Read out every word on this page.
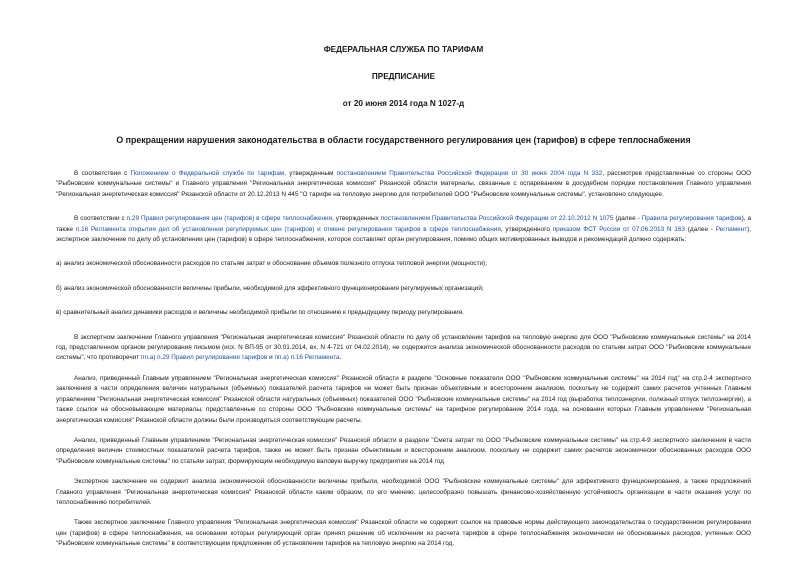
ФЕДЕРАЛЬНАЯ СЛУЖБА ПО ТАРИФАМ
ПРЕДПИСАНИЕ
от 20 июня 2014 года N 1027-д
О прекращении нарушения законодательства в области государственного регулирования цен (тарифов) в сфере теплоснабжения

В соответствии с Положением о Федеральной службе по тарифам, утвержденным постановлением Правительства Российской Федерации от 30 июня 2004 года N 332, рассмотрев представленные со стороны ООО "Рыбновские коммунальные системы" и Главного управления "Региональная энергетическая комиссия" Рязанской области материалы, связанные с оспариванием в досудебном порядке постановления Главного управления "Региональная энергетическая комиссия" Рязанской области от 20.12.2013 N 445 "О тарифе на тепловую энергию для потребителей ООО "Рыбновские коммунальные системы", установлено следующее.

В соответствии с п.29 Правил регулирования цен (тарифов) в сфере теплоснабжения, утвержденных постановлением Правительства Российской Федерации от 22.10.2012 N 1075 (далее - Правила регулирования тарифов), а также п.16 Регламента открытия дел об установлении регулируемых цен (тарифов) и отмене регулирования тарифов в сфере теплоснабжения, утвержденного приказом ФСТ России от 07.06.2013 N 163 (далее - Регламент), экспертное заключение по делу об установлении цен (тарифов) в сфере теплоснабжения, которое составляет орган регулирования, помимо общих мотивированных выводов и рекомендаций должно содержать:

а) анализ экономической обоснованности расходов по статьям затрат и обоснование объемов полезного отпуска тепловой энергии (мощности);

б) анализ экономической обоснованности величины прибыли, необходимой для эффективного функционирования регулируемых организаций;

в) сравнительный анализ динамики расходов и величины необходимой прибыли по отношению к предыдущему периоду регулирования.

В экспертном заключении Главного управления "Региональная энергетическая комиссия" Рязанской области по делу об установлении тарифов на тепловую энергию для ООО "Рыбновские коммунальные системы" на 2014 год, представленном органом регулирования письмом (исх. N ВП-95 от 30.01.2014, вх. N 4-721 от 04.02.2014), не содержится анализа экономической обоснованности расходов по статьям затрат ООО "Рыбновские коммунальные системы", что противоречит пп.а) п.29 Правил регулирования тарифов и пп.а) п.16 Регламента.

Анализ, приведенный Главным управлением "Региональная энергетическая комиссия" Рязанской области в разделе "Основные показатели ООО "Рыбновские коммунальные системы" на 2014 год" на стр.2-4 экспертного заключения в части определения величин натуральных (объемных) показателей расчета тарифов не может быть признан объективным и всесторонним анализом, поскольку не содержит самих расчетов учтенных Главным управлением "Региональная энергетическая комиссия" Рязанской области натуральных (объемных) показателей ООО "Рыбновские коммунальные системы" на 2014 год (выработка теплоэнергии, полезный отпуск теплоэнергии), а также ссылок на обосновывающие материалы, представленные со стороны ООО "Рыбновские коммунальные системы" на тарифное регулирование 2014 года, на основании которых Главным управлением "Региональная энергетическая комиссия" Рязанской области должны были производиться соответствующие расчеты.

Анализ, приведенный Главным управлением "Региональная энергетическая комиссия" Рязанской области в разделе "Смета затрат по ООО "Рыбновские коммунальные системы" на стр.4-9 экспертного заключения в части определения величин стоимостных показателей расчета тарифов, также не может быть признан объективным и всесторонним анализом, поскольку не содержит самих расчетов экономически обоснованных расходов ООО "Рыбновские коммунальные системы" по статьям затрат, формирующим необходимую валовую выручку предприятия на 2014 год.

Экспертное заключение не содержит анализа экономической обоснованности величины прибыли, необходимой ООО "Рыбновские коммунальные системы" для эффективного функционирования, а также предложений Главного управления "Региональная энергетическая комиссия" Рязанской области каким образом, по его мнению, целесообразно повышать финансово-хозяйственную устойчивость организации в части оказания услуг по теплоснабжению потребителей.

Также экспертное заключение Главного управления "Региональная энергетическая комиссия" Рязанской области не содержит ссылок на правовые нормы действующего законодательства о государственном регулировании цен (тарифов) в сфере теплоснабжения, на основании которых регулирующий орган принял решение об исключении из расчета тарифов в сфере теплоснабжения экономически не обоснованных расходов, учтенных ООО "Рыбновские коммунальные системы" в соответствующем предложении об установлении тарифов на тепловую энергию на 2014 год.
